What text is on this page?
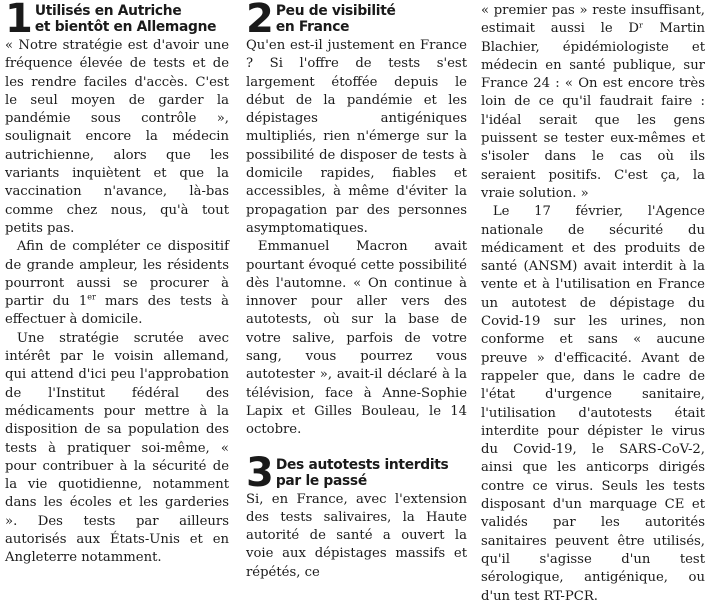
1 Utilisés en Autriche
et bientôt en Allemagne

« Notre stratégie est d'avoir une fréquence élevée de tests et de les rendre faciles d'accès. C'est le seul moyen de garder la pandémie sous contrôle », soulignait encore la médecin autrichienne, alors que les variants inquiètent et que la vaccination n'avance, là-bas comme chez nous, qu'à tout petits pas.

Afin de compléter ce dispositif de grande ampleur, les résidents pourront aussi se procurer à partir du 1er mars des tests à effectuer à domicile.

Une stratégie scrutée avec intérêt par le voisin allemand, qui attend d'ici peu l'approbation de l'Institut fédéral des médicaments pour mettre à la disposition de sa population des tests à pratiquer soi-même, « pour contribuer à la sécurité de la vie quotidienne, notamment dans les écoles et les garderies ». Des tests par ailleurs autorisés aux États-Unis et en Angleterre notamment.

2 Peu de visibilité
en France

Qu'en est-il justement en France ? Si l'offre de tests s'est largement étoffée depuis le début de la pandémie et les dépistages antigéniques multipliés, rien n'émerge sur la possibilité de disposer de tests à domicile rapides, fiables et accessibles, à même d'éviter la propagation par des personnes asymptomatiques.

Emmanuel Macron avait pourtant évoqué cette possibilité dès l'automne. « On continue à innover pour aller vers des autotests, où sur la base de votre salive, parfois de votre sang, vous pourrez vous autotester », avait-il déclaré à la télévision, face à Anne-Sophie Lapix et Gilles Bouleau, le 14 octobre.

3 Des autotests interdits
par le passé

Si, en France, avec l'extension des tests salivaires, la Haute autorité de santé a ouvert la voie aux dépistages massifs et répétés, ce

« premier pas » reste insuffisant, estimait aussi le Dʳ Martin Blachier, épidémiologiste et médecin en santé publique, sur France 24 : « On est encore très loin de ce qu'il faudrait faire : l'idéal serait que les gens puissent se tester eux-mêmes et s'isoler dans le cas où ils seraient positifs. C'est ça, la vraie solution. »

Le 17 février, l'Agence nationale de sécurité du médicament et des produits de santé (ANSM) avait interdit à la vente et à l'utilisation en France un autotest de dépistage du Covid-19 sur les urines, non conforme et sans « aucune preuve » d'efficacité. Avant de rappeler que, dans le cadre de l'état d'urgence sanitaire, l'utilisation d'autotests était interdite pour dépister le virus du Covid-19, le SARS-CoV-2, ainsi que les anticorps dirigés contre ce virus. Seuls les tests disposant d'un marquage CE et validés par les autorités sanitaires peuvent être utilisés, qu'il s'agisse d'un test sérologique, antigénique, ou d'un test RT-PCR.
